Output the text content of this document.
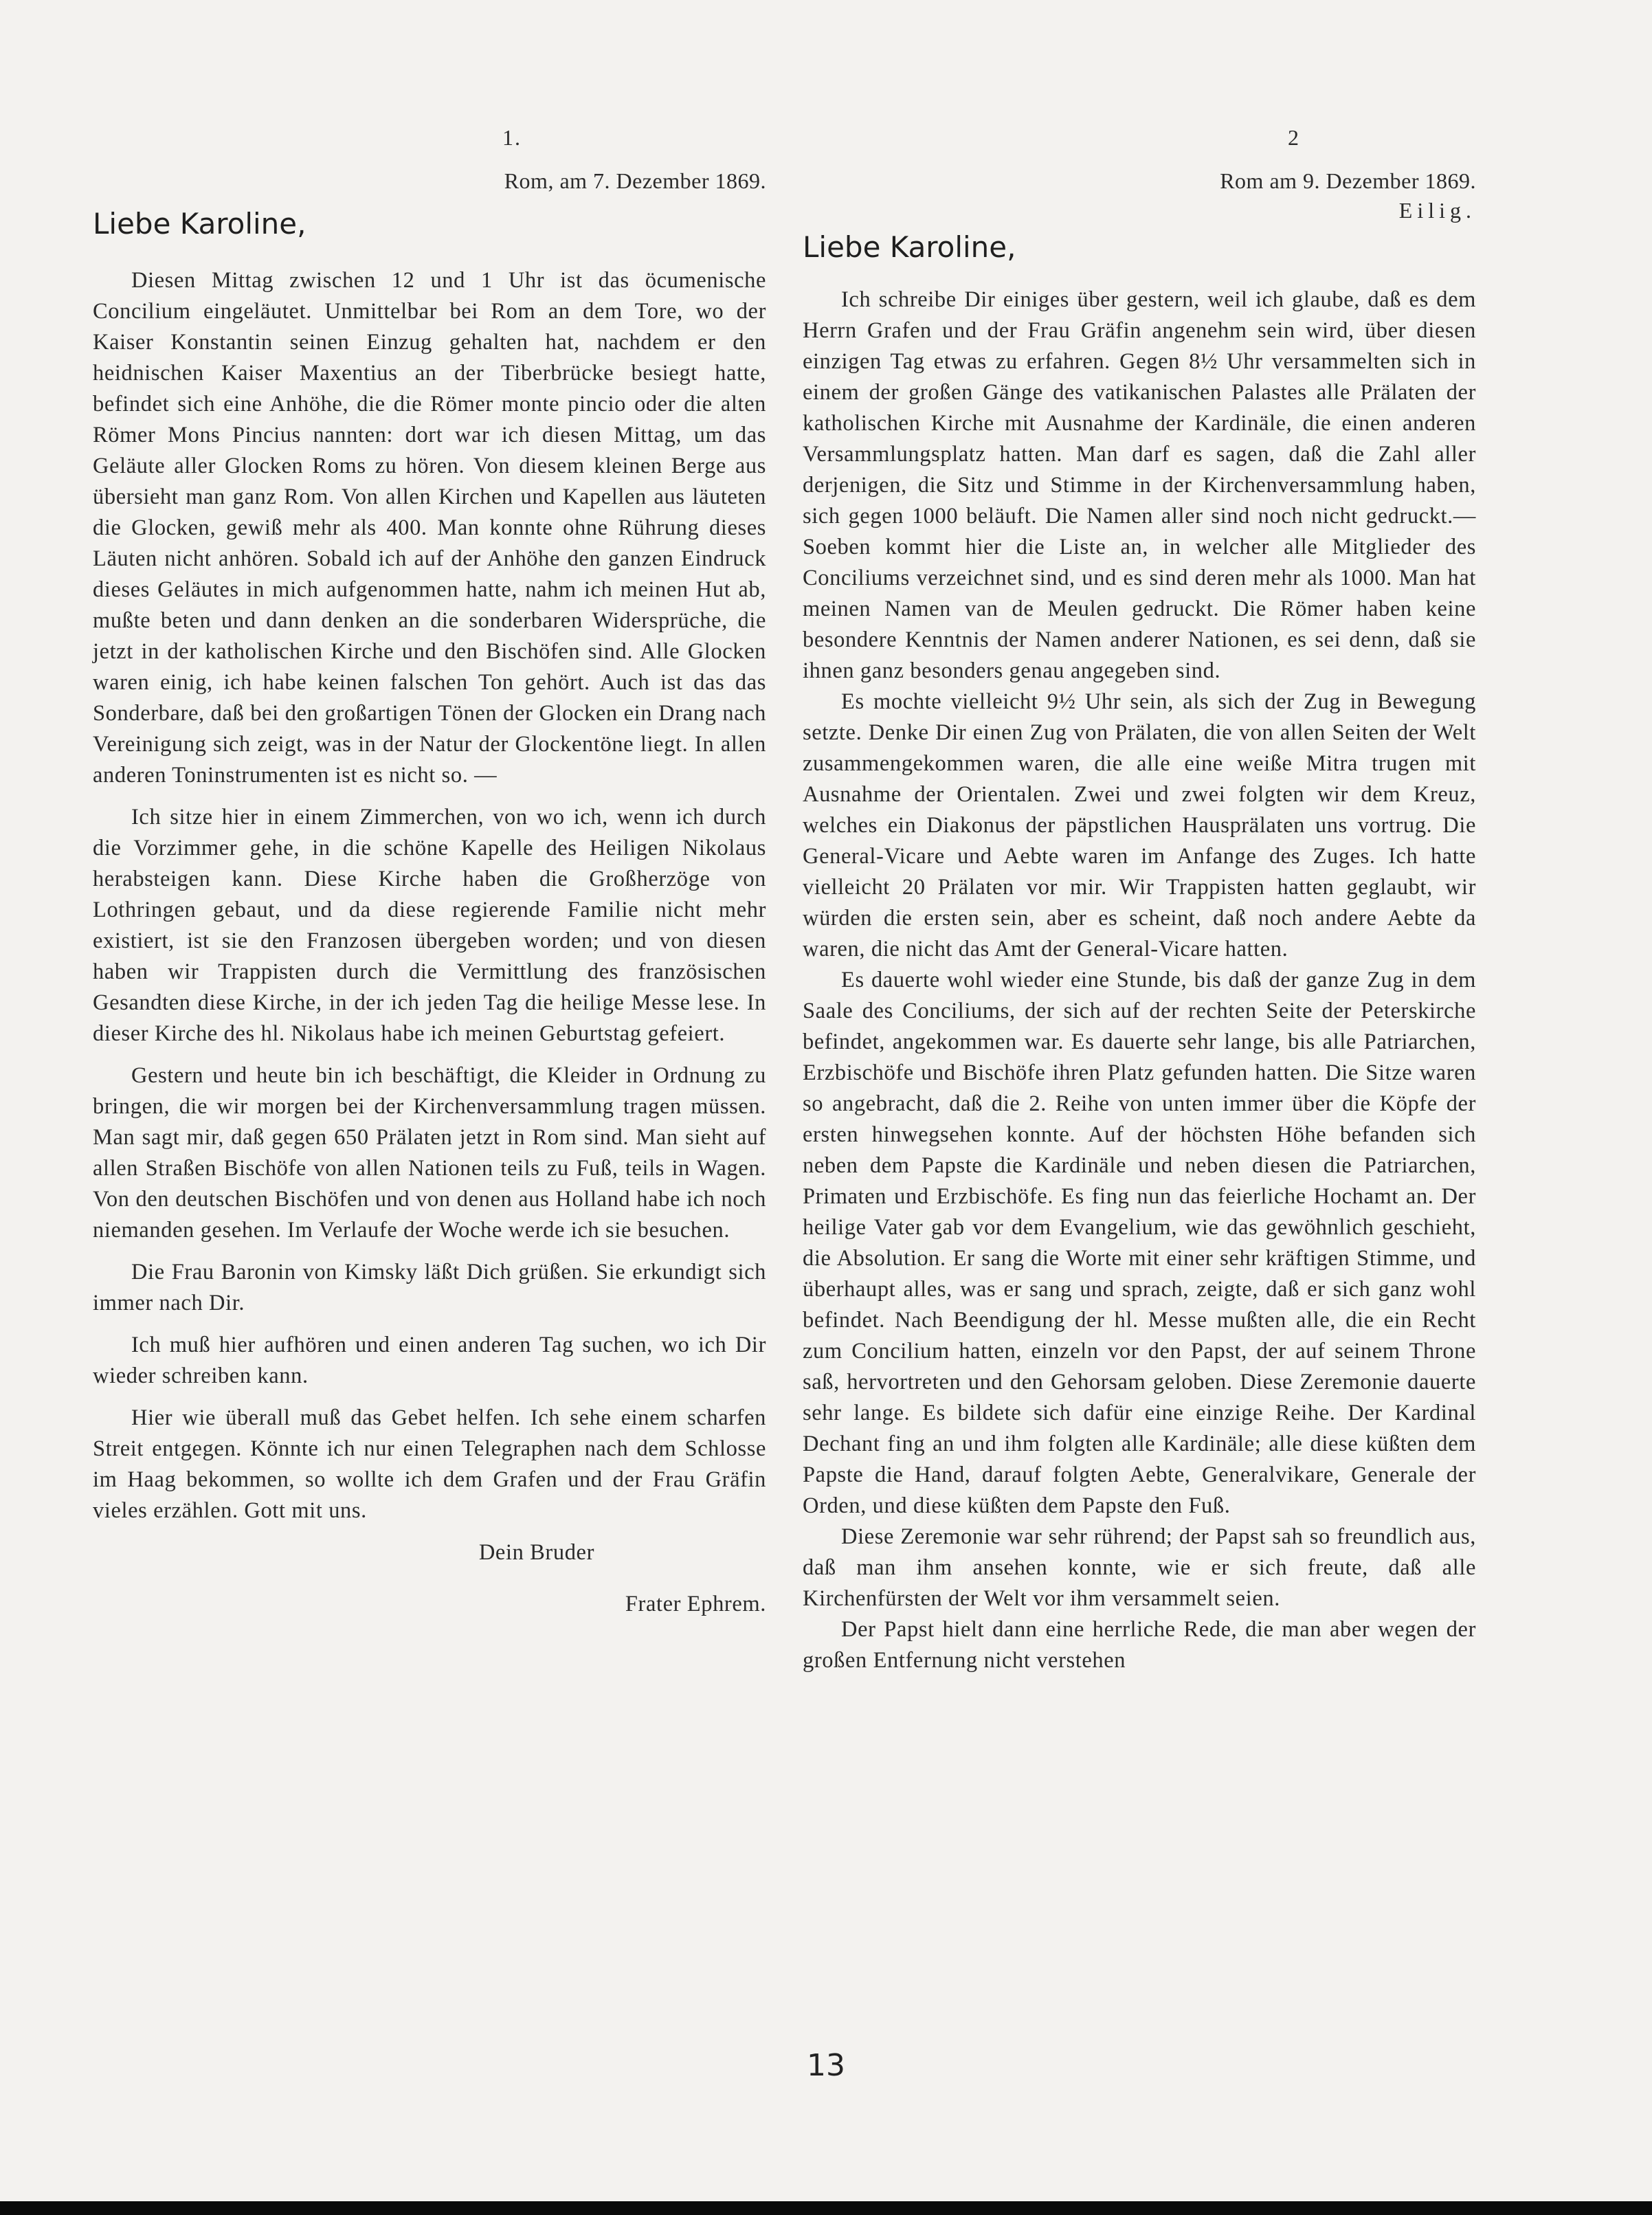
1.

Rom, am 7. Dezember 1869.

Liebe Karoline,

Diesen Mittag zwischen 12 und 1 Uhr ist das öcumenische Concilium eingeläutet. Unmittelbar bei Rom an dem Tore, wo der Kaiser Konstantin seinen Einzug gehalten hat, nachdem er den heidnischen Kaiser Maxentius an der Tiberbrücke besiegt hatte, befindet sich eine Anhöhe, die die Römer monte pincio oder die alten Römer Mons Pincius nannten: dort war ich diesen Mittag, um das Geläute aller Glocken Roms zu hören. Von diesem kleinen Berge aus übersieht man ganz Rom. Von allen Kirchen und Kapellen aus läuteten die Glocken, gewiß mehr als 400. Man konnte ohne Rührung dieses Läuten nicht anhören. Sobald ich auf der Anhöhe den ganzen Eindruck dieses Geläutes in mich aufgenommen hatte, nahm ich meinen Hut ab, mußte beten und dann denken an die sonderbaren Widersprüche, die jetzt in der katholischen Kirche und den Bischöfen sind. Alle Glocken waren einig, ich habe keinen falschen Ton gehört. Auch ist das das Sonderbare, daß bei den großartigen Tönen der Glocken ein Drang nach Vereinigung sich zeigt, was in der Natur der Glockentöne liegt. In allen anderen Toninstrumenten ist es nicht so. —

Ich sitze hier in einem Zimmerchen, von wo ich, wenn ich durch die Vorzimmer gehe, in die schöne Kapelle des Heiligen Nikolaus herabsteigen kann. Diese Kirche haben die Großherzöge von Lothringen gebaut, und da diese regierende Familie nicht mehr existiert, ist sie den Franzosen übergeben worden; und von diesen haben wir Trappisten durch die Vermittlung des französischen Gesandten diese Kirche, in der ich jeden Tag die heilige Messe lese. In dieser Kirche des hl. Nikolaus habe ich meinen Geburtstag gefeiert.

Gestern und heute bin ich beschäftigt, die Kleider in Ordnung zu bringen, die wir morgen bei der Kirchenversammlung tragen müssen. Man sagt mir, daß gegen 650 Prälaten jetzt in Rom sind. Man sieht auf allen Straßen Bischöfe von allen Nationen teils zu Fuß, teils in Wagen. Von den deutschen Bischöfen und von denen aus Holland habe ich noch niemanden gesehen. Im Verlaufe der Woche werde ich sie besuchen.

Die Frau Baronin von Kimsky läßt Dich grüßen. Sie erkundigt sich immer nach Dir.

Ich muß hier aufhören und einen anderen Tag suchen, wo ich Dir wieder schreiben kann.

Hier wie überall muß das Gebet helfen. Ich sehe einem scharfen Streit entgegen. Könnte ich nur einen Telegraphen nach dem Schlosse im Haag bekommen, so wollte ich dem Grafen und der Frau Gräfin vieles erzählen. Gott mit uns.

Dein Bruder

Frater Ephrem.

2

Rom am 9. Dezember 1869.

Eilig.

Liebe Karoline,

Ich schreibe Dir einiges über gestern, weil ich glaube, daß es dem Herrn Grafen und der Frau Gräfin angenehm sein wird, über diesen einzigen Tag etwas zu erfahren. Gegen 8½ Uhr versammelten sich in einem der großen Gänge des vatikanischen Palastes alle Prälaten der katholischen Kirche mit Ausnahme der Kardinäle, die einen anderen Versammlungsplatz hatten. Man darf es sagen, daß die Zahl aller derjenigen, die Sitz und Stimme in der Kirchenversammlung haben, sich gegen 1000 beläuft. Die Namen aller sind noch nicht gedruckt.— Soeben kommt hier die Liste an, in welcher alle Mitglieder des Conciliums verzeichnet sind, und es sind deren mehr als 1000. Man hat meinen Namen van de Meulen gedruckt. Die Römer haben keine besondere Kenntnis der Namen anderer Nationen, es sei denn, daß sie ihnen ganz besonders genau angegeben sind.

Es mochte vielleicht 9½ Uhr sein, als sich der Zug in Bewegung setzte. Denke Dir einen Zug von Prälaten, die von allen Seiten der Welt zusammengekommen waren, die alle eine weiße Mitra trugen mit Ausnahme der Orientalen. Zwei und zwei folgten wir dem Kreuz, welches ein Diakonus der päpstlichen Hausprälaten uns vortrug. Die General-Vicare und Aebte waren im Anfange des Zuges. Ich hatte vielleicht 20 Prälaten vor mir. Wir Trappisten hatten geglaubt, wir würden die ersten sein, aber es scheint, daß noch andere Aebte da waren, die nicht das Amt der General-Vicare hatten.

Es dauerte wohl wieder eine Stunde, bis daß der ganze Zug in dem Saale des Conciliums, der sich auf der rechten Seite der Peterskirche befindet, angekommen war. Es dauerte sehr lange, bis alle Patriarchen, Erzbischöfe und Bischöfe ihren Platz gefunden hatten. Die Sitze waren so angebracht, daß die 2. Reihe von unten immer über die Köpfe der ersten hinwegsehen konnte. Auf der höchsten Höhe befanden sich neben dem Papste die Kardinäle und neben diesen die Patriarchen, Primaten und Erzbischöfe. Es fing nun das feierliche Hochamt an. Der heilige Vater gab vor dem Evangelium, wie das gewöhnlich geschieht, die Absolution. Er sang die Worte mit einer sehr kräftigen Stimme, und überhaupt alles, was er sang und sprach, zeigte, daß er sich ganz wohl befindet. Nach Beendigung der hl. Messe mußten alle, die ein Recht zum Concilium hatten, einzeln vor den Papst, der auf seinem Throne saß, hervortreten und den Gehorsam geloben. Diese Zeremonie dauerte sehr lange. Es bildete sich dafür eine einzige Reihe. Der Kardinal Dechant fing an und ihm folgten alle Kardinäle; alle diese küßten dem Papste die Hand, darauf folgten Aebte, Generalvikare, Generale der Orden, und diese küßten dem Papste den Fuß.

Diese Zeremonie war sehr rührend; der Papst sah so freundlich aus, daß man ihm ansehen konnte, wie er sich freute, daß alle Kirchenfürsten der Welt vor ihm versammelt seien.

Der Papst hielt dann eine herrliche Rede, die man aber wegen der großen Entfernung nicht verstehen

13
